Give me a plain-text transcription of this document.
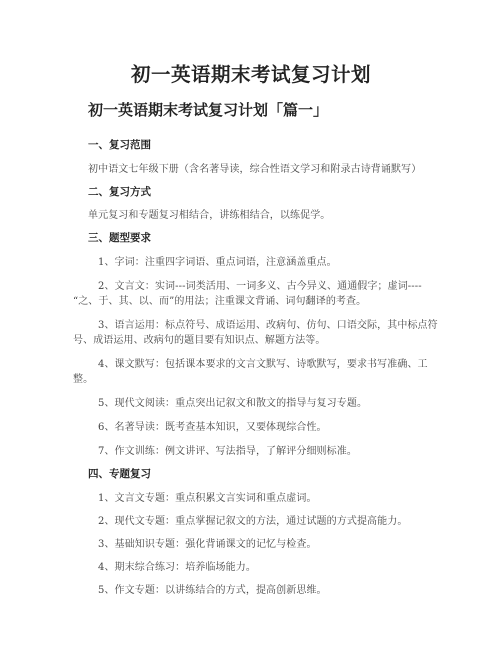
初一英语期末考试复习计划
初一英语期末考试复习计划「篇一」
一、复习范围
初中语文七年级下册（含名著导读，综合性语文学习和附录古诗背诵默写）
二、复习方式
单元复习和专题复习相结合，讲练相结合，以练促学。
三、题型要求
1、字词：注重四字词语、重点词语，注意涵盖重点。
2、文言文：实词---词类活用、一词多义、古今异义、通通假字；虚词----
“之、于、其、以、而”的用法；注重课文背诵、词句翻译的考查。
3、语言运用：标点符号、成语运用、改病句、仿句、口语交际，其中标点符
号、成语运用、改病句的题目要有知识点、解题方法等。
4、课文默写：包括课本要求的文言文默写、诗歌默写，要求书写准确、工
整。
5、现代文阅读：重点突出记叙文和散文的指导与复习专题。
6、名著导读：既考查基本知识，又要体现综合性。
7、作文训练：例文讲评、写法指导，了解评分细则标准。
四、专题复习
1、文言文专题：重点积累文言实词和重点虚词。
2、现代文专题：重点掌握记叙文的方法，通过试题的方式提高能力。
3、基础知识专题：强化背诵课文的记忆与检查。
4、期末综合练习：培养临场能力。
5、作文专题：以讲练结合的方式，提高创新思维。
